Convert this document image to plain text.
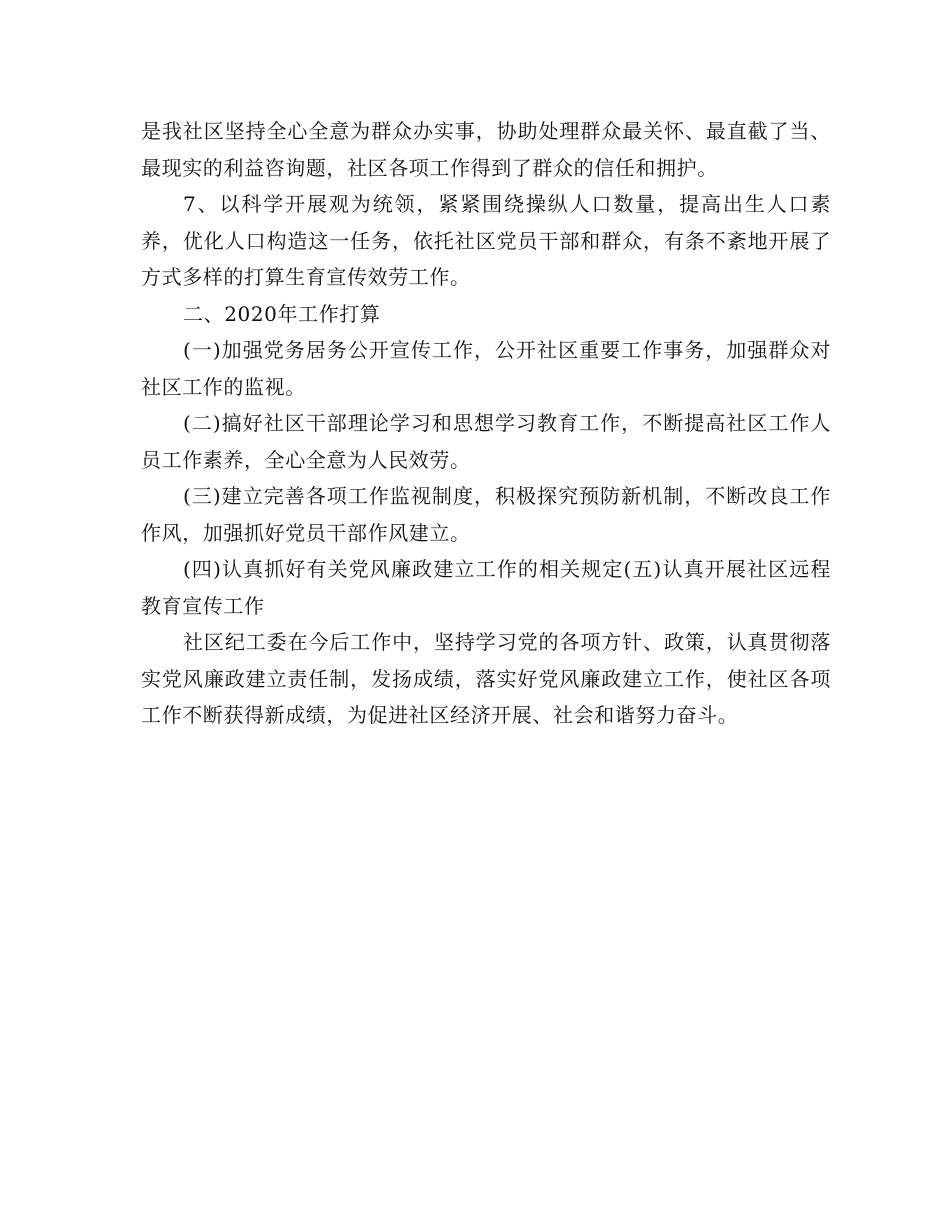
是我社区坚持全心全意为群众办实事，协助处理群众最关怀、最直截了当、最现实的利益咨询题，社区各项工作得到了群众的信任和拥护。

7、以科学开展观为统领，紧紧围绕操纵人口数量，提高出生人口素养，优化人口构造这一任务，依托社区党员干部和群众，有条不紊地开展了方式多样的打算生育宣传效劳工作。

二、2020年工作打算

(一)加强党务居务公开宣传工作，公开社区重要工作事务，加强群众对社区工作的监视。

(二)搞好社区干部理论学习和思想学习教育工作，不断提高社区工作人员工作素养，全心全意为人民效劳。

(三)建立完善各项工作监视制度，积极探究预防新机制，不断改良工作作风，加强抓好党员干部作风建立。

(四)认真抓好有关党风廉政建立工作的相关规定(五)认真开展社区远程教育宣传工作

社区纪工委在今后工作中，坚持学习党的各项方针、政策，认真贯彻落实党风廉政建立责任制，发扬成绩，落实好党风廉政建立工作，使社区各项工作不断获得新成绩，为促进社区经济开展、社会和谐努力奋斗。
